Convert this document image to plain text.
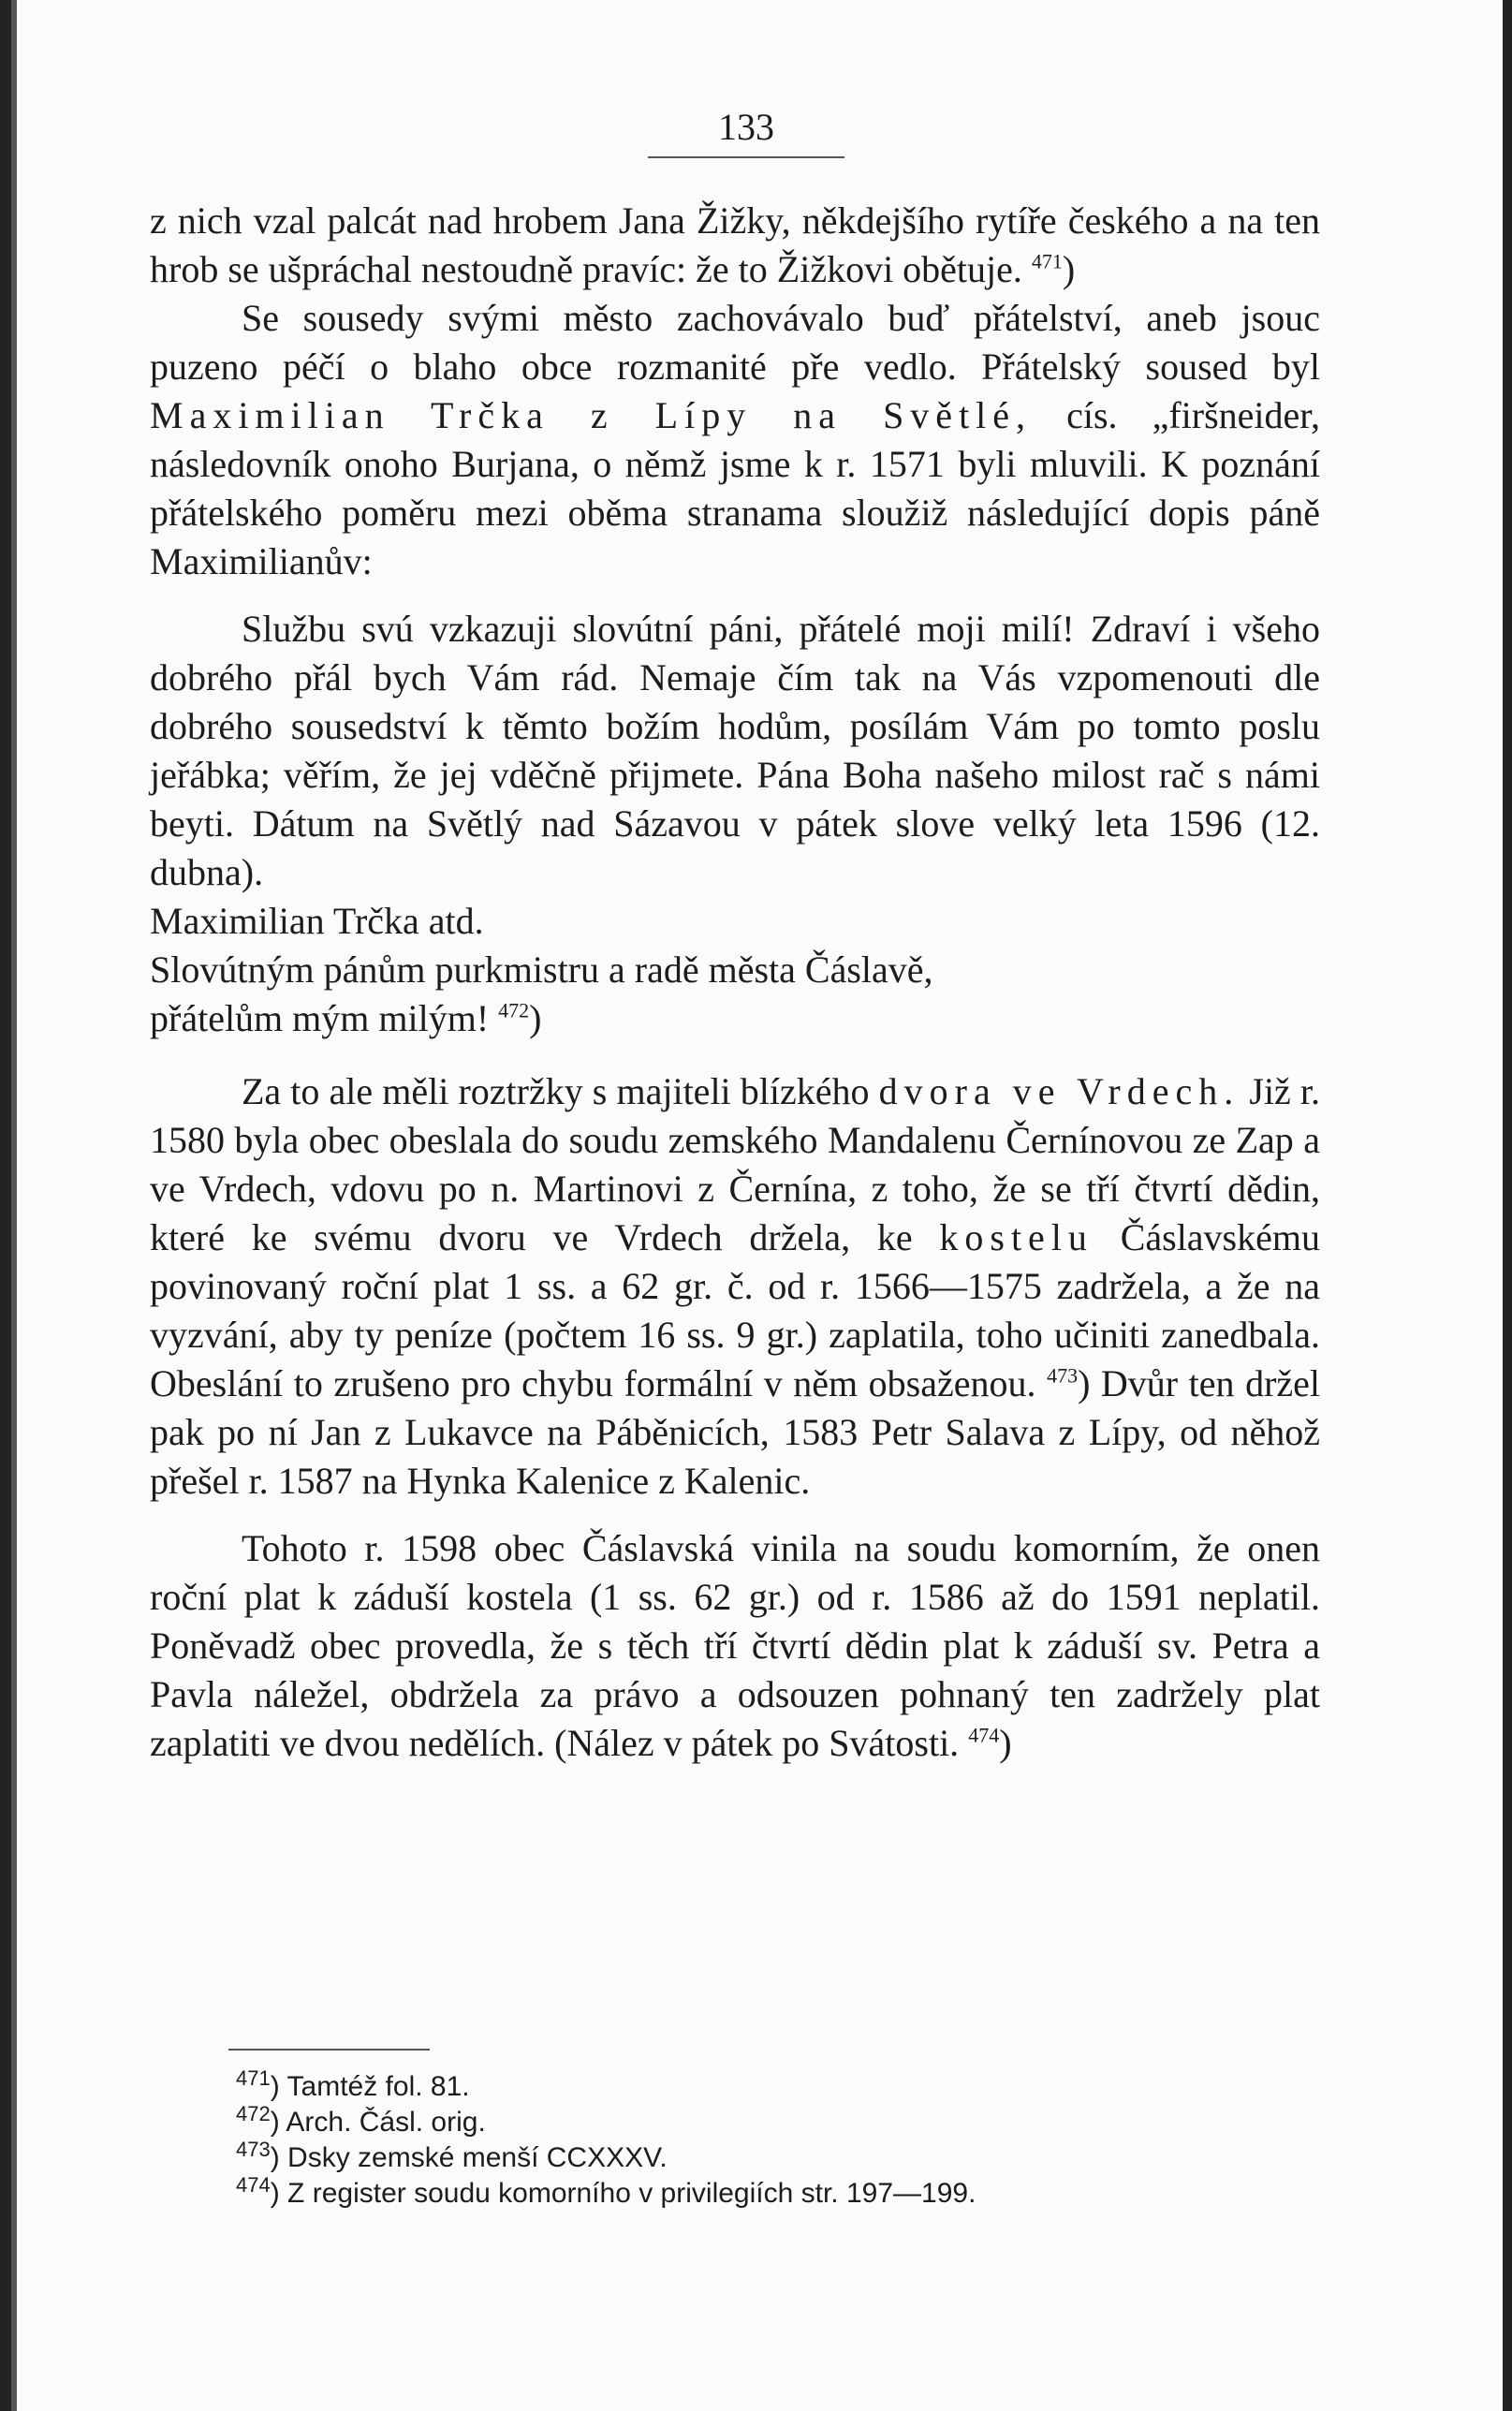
133

z nich vzal palcát nad hrobem Jana Žižky, někdejšího rytíře českého a na ten hrob se ušpráchal nestoudně pravíc: že to Žižkovi obětuje. $^{471}$)

Se sousedy svými město zachovávalo buď přátelství, aneb jsouc puzeno péčí o blaho obce rozmanité pře vedlo. Přátelský soused byl Maximilian Trčka z Lípy na Světlé, cís. „firšneider, následovník onoho Burjana, o němž jsme k r. 1571 byli mluvili. K poznání přátelského poměru mezi oběma stranama sloužiž následující dopis páně Maximilianův:

Službu svú vzkazuji slovútní páni, přátelé moji milí! Zdraví i všeho dobrého přál bych Vám rád. Nemaje čím tak na Vás vzpomenouti dle dobrého sousedství k těmto božím hodům, posílám Vám po tomto poslu jeřábka; věřím, že jej vděčně přijmete. Pána Boha našeho milost rač s námi beyti. Dátum na Světlý nad Sázavou v pátek slove velký leta 1596 (12. dubna).

Maximilian Trčka atd.

Slovútným pánům purkmistru a radě města Čáslavě,

přátelům mým milým! $^{472}$)

Za to ale měli roztržky s majiteli blízkého dvora ve Vrdech. Již r. 1580 byla obec obeslala do soudu zemského Mandalenu Černínovou ze Zap a ve Vrdech, vdovu po n. Martinovi z Černína, z toho, že se tří čtvrtí dědin, které ke svému dvoru ve Vrdech držela, ke kostelu Čáslavskému povinovaný roční plat 1 ss. a 62 gr. č. od r. 1566—1575 zadržela, a že na vyzvání, aby ty peníze (počtem 16 ss. 9 gr.) zaplatila, toho učiniti zanedbala. Obeslání to zrušeno pro chybu formální v něm obsaženou. $^{473}$) Dvůr ten držel pak po ní Jan z Lukavce na Páběnicích, 1583 Petr Salava z Lípy, od něhož přešel r. 1587 na Hynka Kalenice z Kalenic.

Tohoto r. 1598 obec Čáslavská vinila na soudu komorním, že onen roční plat k záduší kostela (1 ss. 62 gr.) od r. 1586 až do 1591 neplatil. Poněvadž obec provedla, že s těch tří čtvrtí dědin plat k záduší sv. Petra a Pavla náležel, obdržela za právo a odsouzen pohnaný ten zadržely plat zaplatiti ve dvou nedělích. (Nález v pátek po Svátosti. $^{474}$)

$^{471}$) Tamtéž fol. 81.
$^{472}$) Arch. Čásl. orig.
$^{473}$) Dsky zemské menší CCXXXV.
$^{474}$) Z register soudu komorního v privilegiích str. 197—199.
